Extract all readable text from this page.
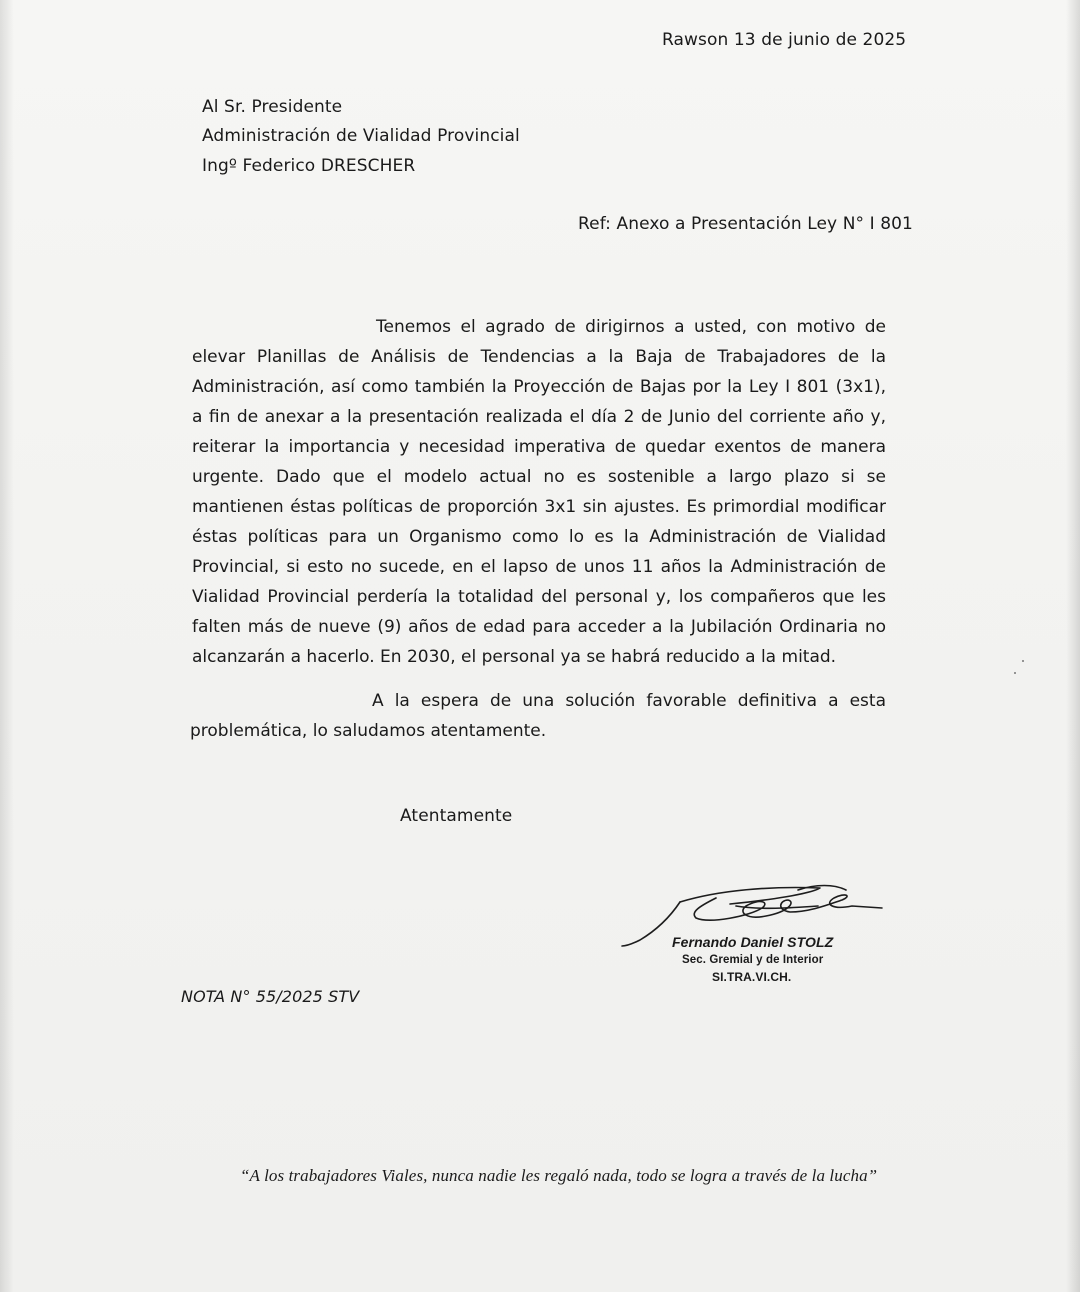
Rawson 13 de junio de 2025
Al Sr. Presidente
Administración de Vialidad Provincial
Ingº Federico DRESCHER
Ref: Anexo a Presentación Ley N° I 801

Tenemos el agrado de dirigirnos a usted, con motivo de elevar Planillas de Análisis de Tendencias a la Baja de Trabajadores de la Administración, así como también la Proyección de Bajas por la Ley I 801 (3x1), a fin de anexar a la presentación realizada el día 2 de Junio del corriente año y, reiterar la importancia y necesidad imperativa de quedar exentos de manera urgente. Dado que el modelo actual no es sostenible a largo plazo si se mantienen éstas políticas de proporción 3x1 sin ajustes. Es primordial modificar éstas políticas para un Organismo como lo es la Administración de Vialidad Provincial, si esto no sucede, en el lapso de unos 11 años la Administración de Vialidad Provincial perdería la totalidad del personal y, los compañeros que les falten más de nueve (9) años de edad para acceder a la Jubilación Ordinaria no alcanzarán a hacerlo. En 2030, el personal ya se habrá reducido a la mitad.

A la espera de una solución favorable definitiva a esta problemática, lo saludamos atentamente.

Atentamente
Fernando Daniel STOLZ
Sec. Gremial y de Interior
SI.TRA.VI.CH.
NOTA N° 55/2025 STV
“A los trabajadores Viales, nunca nadie les regaló nada, todo se logra a través de la lucha”
